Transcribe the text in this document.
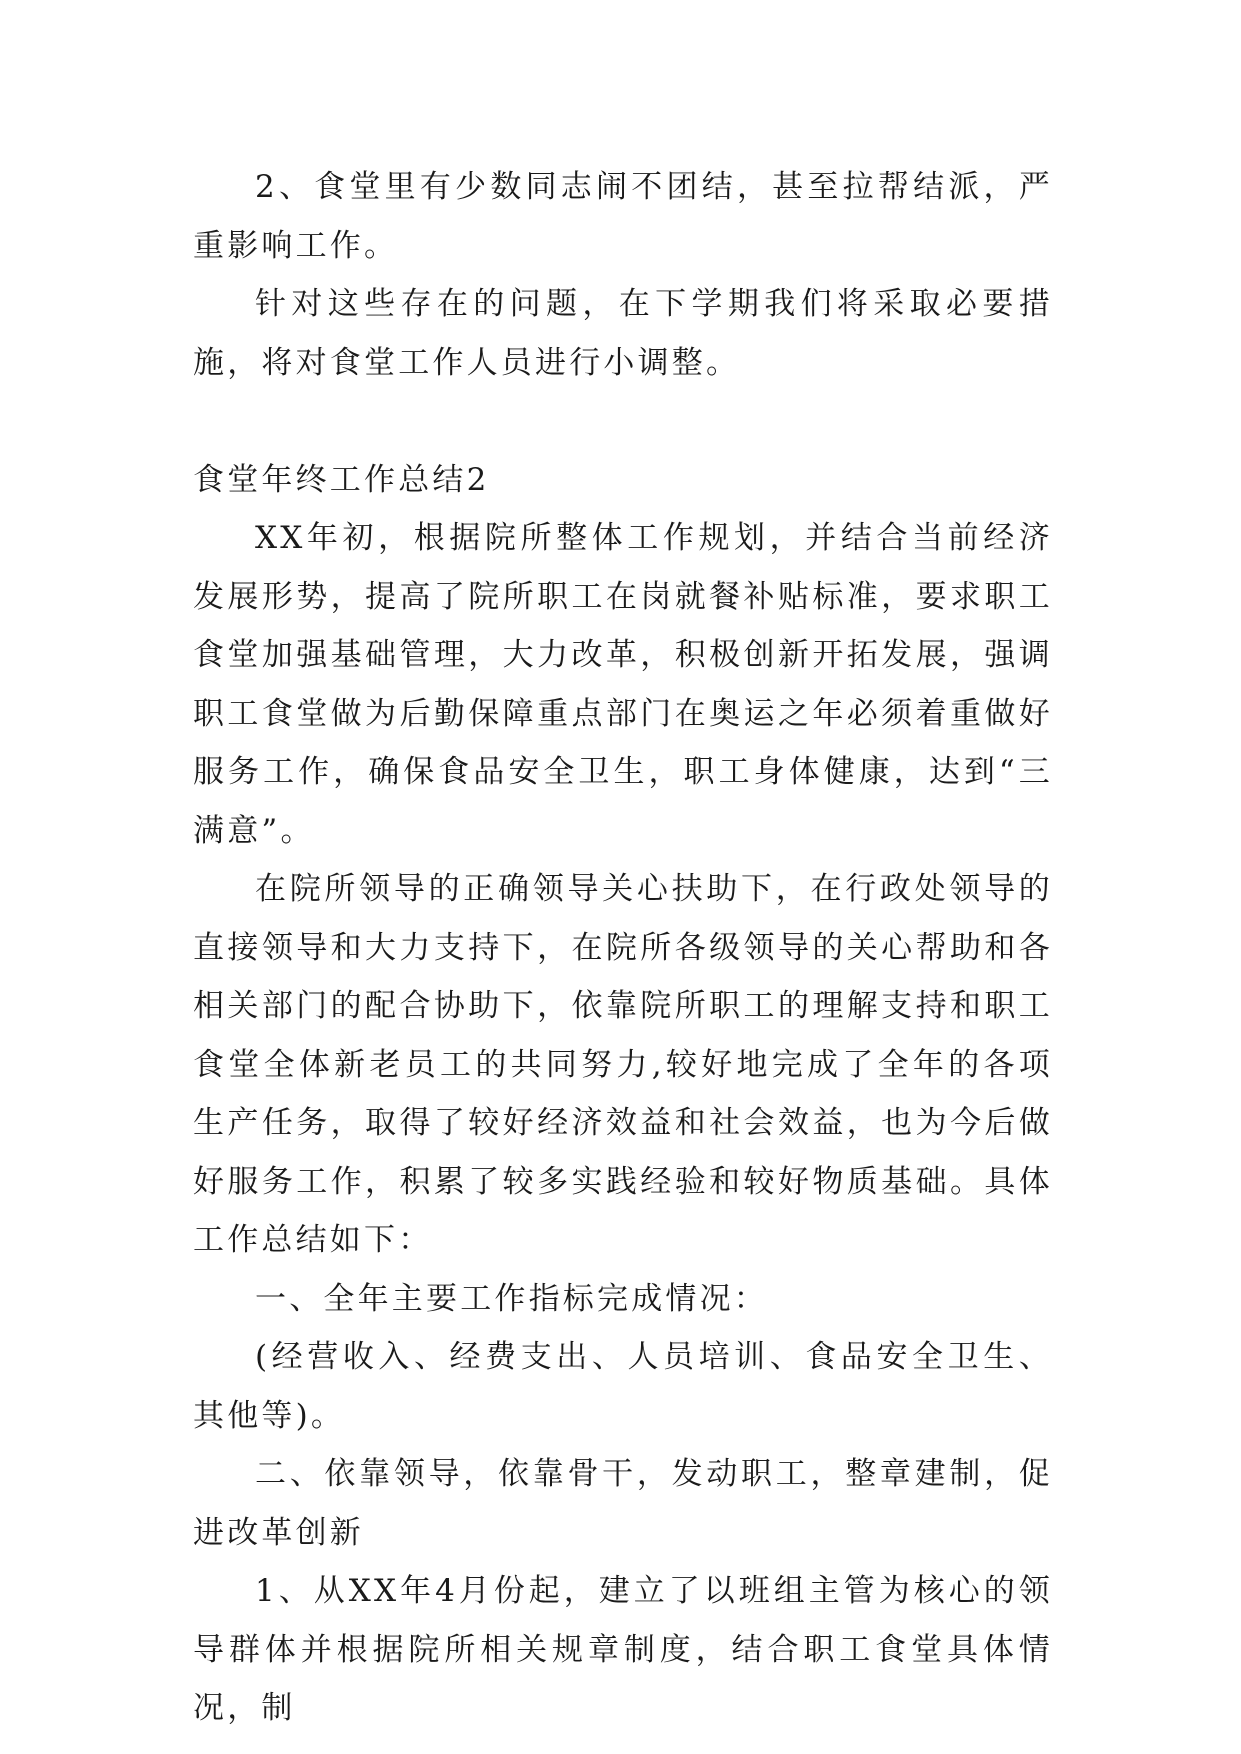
2、食堂里有少数同志闹不团结，甚至拉帮结派，严重影响工作。

针对这些存在的问题，在下学期我们将采取必要措施，将对食堂工作人员进行小调整。

食堂年终工作总结2

XX年初，根据院所整体工作规划，并结合当前经济发展形势，提高了院所职工在岗就餐补贴标准，要求职工食堂加强基础管理，大力改革，积极创新开拓发展，强调职工食堂做为后勤保障重点部门在奥运之年必须着重做好服务工作，确保食品安全卫生，职工身体健康，达到“三满意”。

在院所领导的正确领导关心扶助下，在行政处领导的直接领导和大力支持下，在院所各级领导的关心帮助和各相关部门的配合协助下，依靠院所职工的理解支持和职工食堂全体新老员工的共同努力,较好地完成了全年的各项生产任务，取得了较好经济效益和社会效益，也为今后做好服务工作，积累了较多实践经验和较好物质基础。具体工作总结如下：

一、全年主要工作指标完成情况：

(经营收入、经费支出、人员培训、食品安全卫生、其他等)。

二、依靠领导，依靠骨干，发动职工，整章建制，促进改革创新

1、从XX年4月份起，建立了以班组主管为核心的领导群体并根据院所相关规章制度，结合职工食堂具体情况，制
